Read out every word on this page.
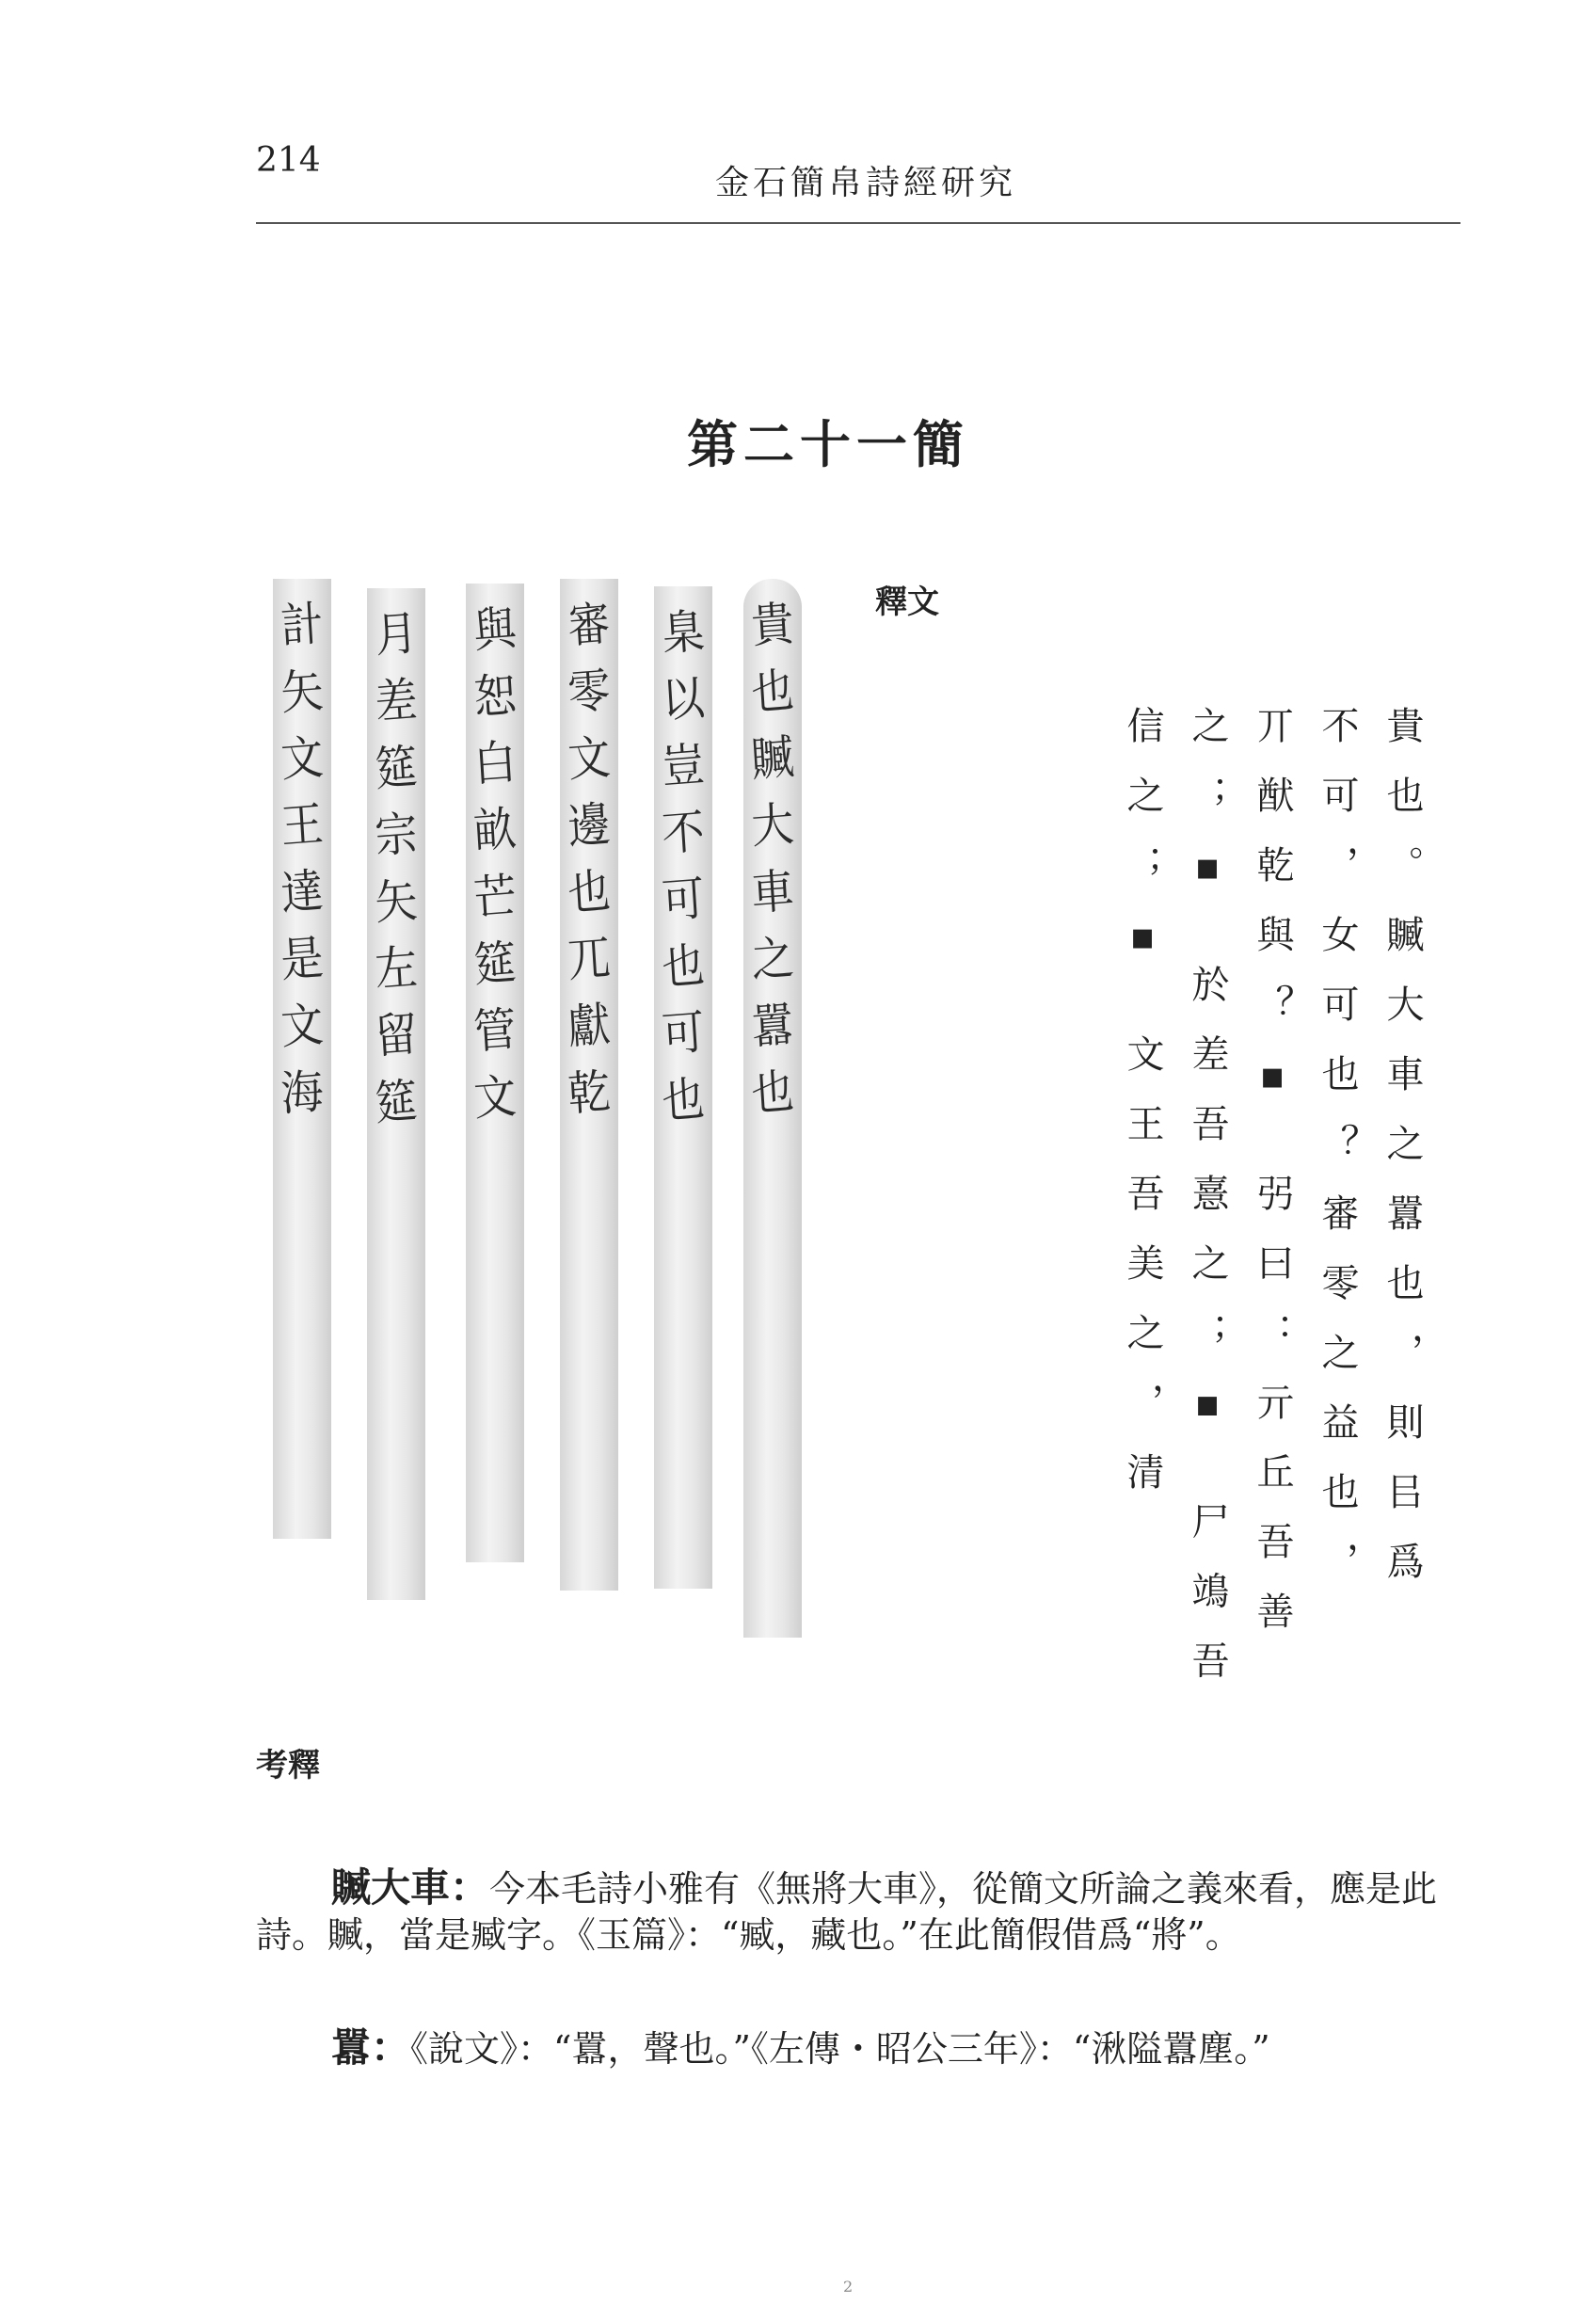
214
金石簡帛詩經研究
第二十一簡
計
矢
文
王
達
是
文
海
月
差
筵
宗
矢
左
留
筵
與
恕
白
畝
芒
筵
管
文
審
零
文
邊
也
兀
獻
乾
臬
以
豈
不
可
也
可
也
貴
也
贓
大
車
之
囂
也
釋文
貴也。贓大車之囂也，則㠯爲
不可，女可也？審零之益也，
丌猷乾與？▪ 弜曰：亓丘吾善
之；▪ 於差吾憙之；▪ 尸鴗吾
信之；▪ 文王吾美之，清
考釋
贓大車：今本毛詩小雅有《無將大車》，從簡文所論之義來看，應是此詩。贓，當是臧字。《玉篇》：“臧，藏也。”在此簡假借爲“將”。
囂：《說文》：“囂，聲也。”《左傳・昭公三年》：“湫隘囂塵。”
2
